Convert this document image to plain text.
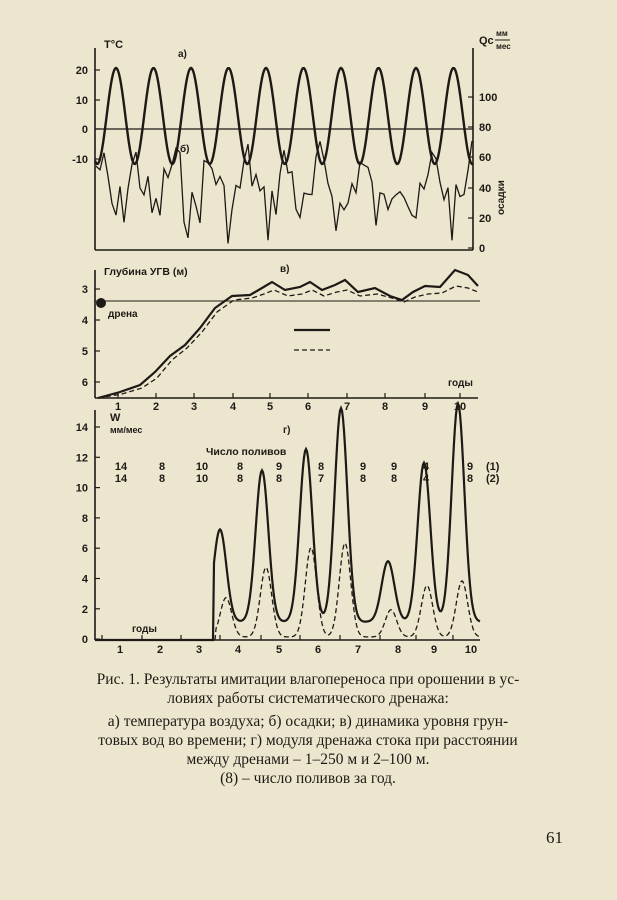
T°C
а)
б)
20
10
0
-10
100
80
60
40
20
0
Qс
мм
мес
осадки
дрена
Глубина УГВ (м)	в)
3
4
5
6
1	2	3	4	5	6	7	8	9 10
годы
W
мм/мес	г)
Число поливов
14
12
10
8
6
4
2
0
1	2	3	4	5	6	7	8	9	10
годы
14	8	10	8	9	8	9 9 4	9
14	8	10	8	8	7	8 8 4	8
(1)
(2)
Рис. 1. Результаты имитации влагопереноса при орошении в ус-
ловиях работы систематического дренажа:
а) температура воздуха; б) осадки; в) динамика уровня грун-
товых вод во времени; г) модуля дренажа стока при расстоянии
между дренами – 1–250 м и 2–100 м.
(8) – число поливов за год.
61
